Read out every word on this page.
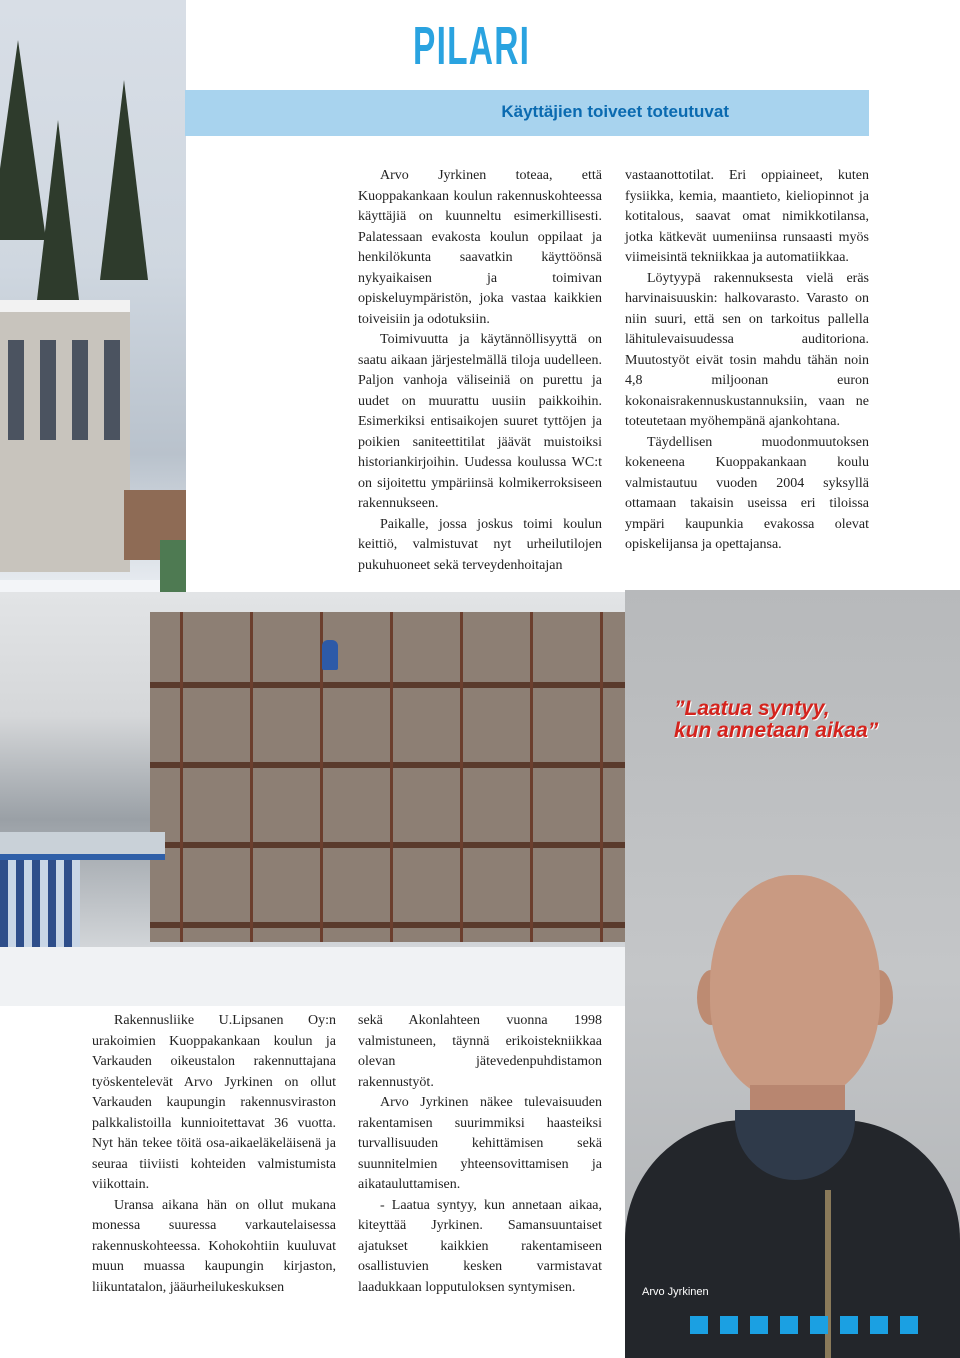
PILARI
Käyttäjien toiveet toteutuvat

Arvo Jyrkinen toteaa, että Kuoppakankaan koulun rakennuskohteessa käyttäjiä on kuunneltu esimerkillisesti. Palatessaan evakosta koulun oppilaat ja henkilökunta saavatkin käyttöönsä nykyaikaisen ja toimivan opiskeluympäristön, joka vastaa kaikkien toiveisiin ja odotuksiin.

Toimivuutta ja käytännöllisyyttä on saatu aikaan järjestelmällä tiloja uudelleen. Paljon vanhoja väliseiniä on purettu ja uudet on muurattu uusiin paikkoihin. Esimerkiksi entisaikojen suuret tyttöjen ja poikien saniteettitilat jäävät muistoiksi historiankirjoihin. Uudessa koulussa WC:t on sijoitettu ympäriinsä kolmikerroksiseen rakennukseen.

Paikalle, jossa joskus toimi koulun keittiö, valmistuvat nyt urheilutilojen pukuhuoneet sekä terveydenhoitajan

vastaanottotilat. Eri oppiaineet, kuten fysiikka, kemia, maantieto, kieliopinnot ja kotitalous, saavat omat nimikkotilansa, jotka kätkevät uumeniinsa runsaasti myös viimeisintä tekniikkaa ja automatiikkaa.

Löytyypä rakennuksesta vielä eräs harvinaisuuskin: halkovarasto. Varasto on niin suuri, että sen on tarkoitus pallella lähitulevaisuudessa auditoriona. Muutostyöt eivät tosin mahdu tähän noin 4,8 miljoonan euron kokonaisrakennuskustannuksiin, vaan ne toteutetaan myöhempänä ajankohtana.

Täydellisen muodonmuutoksen kokeneena Kuoppakankaan koulu valmistautuu vuoden 2004 syksyllä ottamaan takaisin useissa eri tiloissa ympäri kaupunkia evakossa olevat opiskelijansa ja opettajansa.

”Laatua syntyy,
kun annetaan aikaa”

Rakennusliike U.Lipsanen Oy:n urakoimien Kuoppakankaan koulun ja Varkauden oikeustalon rakennuttajana työskentelevät Arvo Jyrkinen on ollut Varkauden kaupungin rakennusviraston palkkalistoilla kunnioitettavat 36 vuotta. Nyt hän tekee töitä osa-aikaeläkeläisenä ja seuraa tiiviisti kohteiden valmistumista viikottain.

Uransa aikana hän on ollut mukana monessa suuressa varkautelaisessa rakennuskohteessa. Kohokohtiin kuuluvat muun muassa kaupungin kirjaston, liikuntatalon, jääurheilukeskuksen

sekä Akonlahteen vuonna 1998 valmistuneen, täynnä erikoistekniikkaa olevan jätevedenpuhdistamon rakennustyöt.

Arvo Jyrkinen näkee tulevaisuuden rakentamisen suurimmiksi haasteiksi turvallisuuden kehittämisen sekä suunnitelmien yhteensovittamisen ja aikatauluttamisen.

- Laatua syntyy, kun annetaan aikaa, kiteyttää Jyrkinen. Samansuuntaiset ajatukset kaikkien rakentamiseen osallistuvien kesken varmistavat laadukkaan lopputuloksen syntymisen.	Arvo Jyrkinen
